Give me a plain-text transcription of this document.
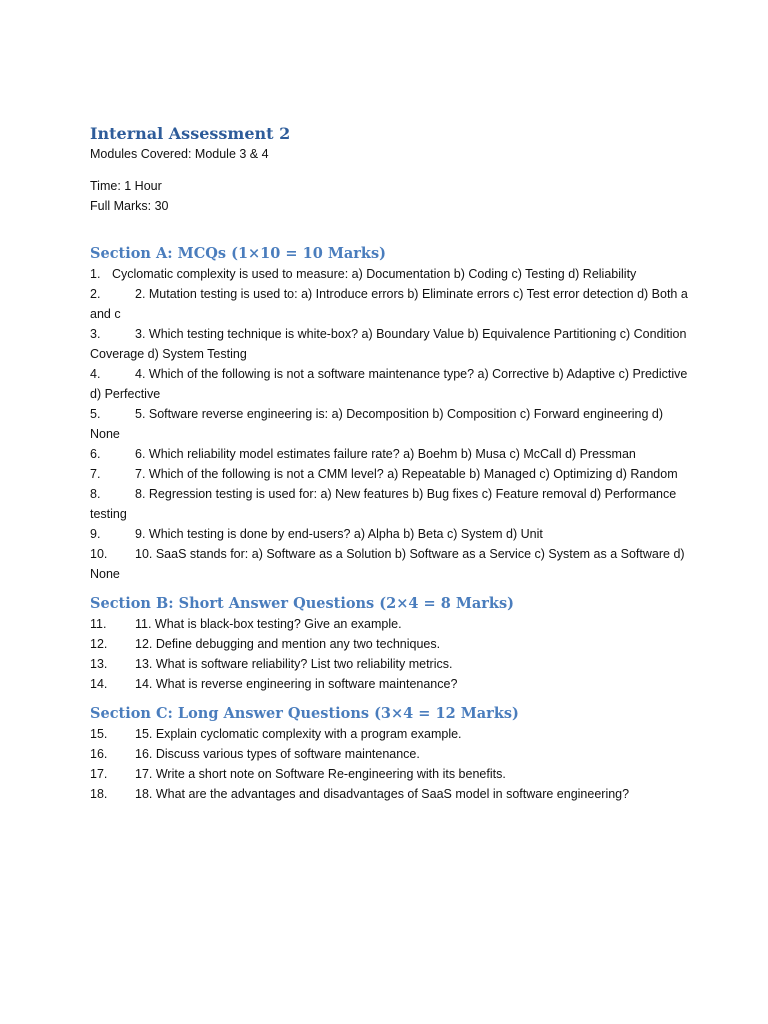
Internal Assessment 2
Modules Covered: Module 3 & 4
Time: 1 Hour
Full Marks: 30
Section A: MCQs (1×10 = 10 Marks)
1. Cyclomatic complexity is used to measure: a) Documentation b) Coding c) Testing d) Reliability
2.	2. Mutation testing is used to: a) Introduce errors b) Eliminate errors c) Test error detection d) Both a and c
3.	3. Which testing technique is white-box? a) Boundary Value b) Equivalence Partitioning c) Condition Coverage d) System Testing
4.	4. Which of the following is not a software maintenance type? a) Corrective b) Adaptive c) Predictive d) Perfective
5.	5. Software reverse engineering is: a) Decomposition b) Composition c) Forward engineering d) None
6.	6. Which reliability model estimates failure rate? a) Boehm b) Musa c) McCall d) Pressman
7.	7. Which of the following is not a CMM level? a) Repeatable b) Managed c) Optimizing d) Random
8.	8. Regression testing is used for: a) New features b) Bug fixes c) Feature removal d) Performance testing
9.	9. Which testing is done by end-users? a) Alpha b) Beta c) System d) Unit
10. 10. SaaS stands for: a) Software as a Solution b) Software as a Service c) System as a Software d) None
Section B: Short Answer Questions (2×4 = 8 Marks)
11. 11. What is black-box testing? Give an example.
12. 12. Define debugging and mention any two techniques.
13. 13. What is software reliability? List two reliability metrics.
14. 14. What is reverse engineering in software maintenance?
Section C: Long Answer Questions (3×4 = 12 Marks)
15. 15. Explain cyclomatic complexity with a program example.
16. 16. Discuss various types of software maintenance.
17. 17. Write a short note on Software Re-engineering with its benefits.
18. 18. What are the advantages and disadvantages of SaaS model in software engineering?
